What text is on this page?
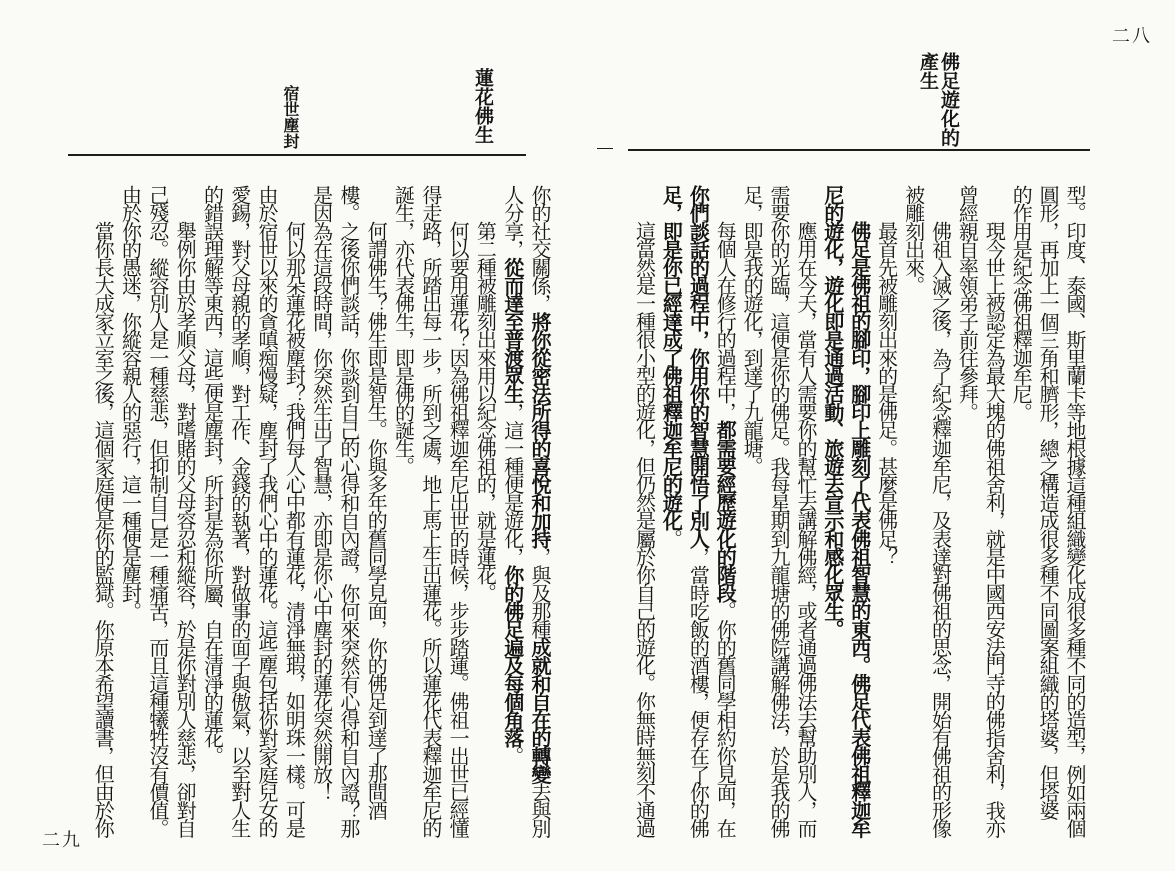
蓮花佛生
宿世塵封
你的社交關係，將你從密法所得的喜悅和加持，與及那種成就和自在的轉變去與別
人分享，從而達至普渡眾生，這一種便是遊化，你的佛足遍及每個角落。
第二種被雕刻出來用以紀念佛祖的，就是蓮花。
何以要用蓮花？因為佛祖釋迦牟尼出世的時候，步步踏蓮。佛祖一出世已經懂
得走路，所踏出每一步，所到之處，地上馬上生出蓮花。所以蓮花代表釋迦牟尼的
誕生，亦代表佛生，即是佛的誕生。
何謂佛生？佛生即是智生。你與多年的舊同學見面，你的佛足到達了那間酒
樓。之後你們談話，你談到自己的心得和自內證，你何來突然有心得和自內證？那
是因為在這段時間，你突然生出了智慧，亦即是你心中塵封的蓮花突然開放！
何以那朵蓮花被塵封？我們每人心中都有蓮花，清淨無瑕，如明珠一樣。可是
由於宿世以來的貪嗔痴慢疑，塵封了我們心中的蓮花。這些塵包括你對家庭兒女的
愛錫，對父母親的孝順，對工作、金錢的執著，對做事的面子與傲氣，以至對人生
的錯誤理解等東西，這些便是塵封，所封是為你所屬、自在清淨的蓮花。
舉例你由於孝順父母，對嗜賭的父母容忍和縱容，於是你對別人慈悲，卻對自
己殘忍。縱容別人是一種慈悲，但抑制自己是一種痛苦，而且這種犧牲沒有價值。
由於你的愚迷，你縱容親人的惡行，這一種便是塵封。
當你長大成家立室之後，這個家庭便是你的監獄。你原本希望讀書，但由於你
二九
佛足遊化的
產生
型。印度、泰國、斯里蘭卡等地根據這種組織變化成很多種不同的造型，例如兩個
圓形，再加上一個三角和臍形，總之構造成很多種不同圖案組織的塔婆，但塔婆
的作用是紀念佛祖釋迦牟尼。
現今世上被認定為最大塊的佛祖舍利，就是中國西安法門寺的佛指舍利，我亦
曾經親自率領弟子前往參拜。
佛祖入滅之後，為了紀念釋迦牟尼，及表達對佛祖的思念，開始有佛祖的形像
被雕刻出來。
最首先被雕刻出來的是佛足。甚麼是佛足？
佛足是佛祖的腳印，腳印上雕刻了代表佛祖智慧的東西。佛足代表佛祖釋迦牟
尼的遊化，遊化即是通過活動、旅遊去宣示和感化眾生。
應用在今天，當有人需要你的幫忙去講解佛經，或者通過佛法去幫助別人，而
需要你的光臨，這便是你的佛足。我每星期到九龍塘的佛院講解佛法，於是我的佛
足，即是我的遊化，到達了九龍塘。
每個人在修行的過程中，都需要經歷遊化的階段。你的舊同學相約你見面，在
你們談話的過程中，你用你的智慧開悟了別人，當時吃飯的酒樓，便存在了你的佛
足，即是你已經達成了佛祖釋迦牟尼的遊化。
這當然是一種很小型的遊化，但仍然是屬於你自己的遊化。你無時無刻不通過
二八
